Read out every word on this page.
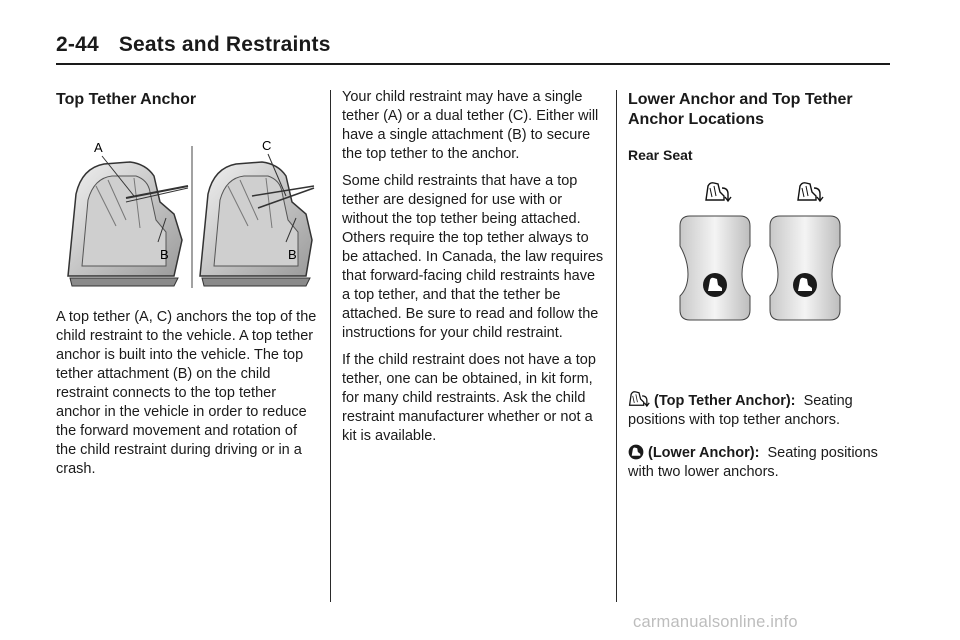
2-44 Seats and Restraints
Top Tether Anchor
A
B
C
B

A top tether (A, C) anchors the top of the child restraint to the vehicle. A top tether anchor is built into the vehicle. The top tether attachment (B) on the child restraint connects to the top tether anchor in the vehicle in order to reduce the forward movement and rotation of the child restraint during driving or in a crash.

Your child restraint may have a single tether (A) or a dual tether (C). Either will have a single attachment (B) to secure the top tether to the anchor.

Some child restraints that have a top tether are designed for use with or without the top tether being attached. Others require the top tether always to be attached. In Canada, the law requires that forward-facing child restraints have a top tether, and that the tether be attached. Be sure to read and follow the instructions for your child restraint.

If the child restraint does not have a top tether, one can be obtained, in kit form, for many child restraints. Ask the child restraint manufacturer whether or not a kit is available.

Lower Anchor and Top Tether Anchor Locations
Rear Seat

(Top Tether Anchor): Seating positions with top tether anchors.

(Lower Anchor): Seating positions with two lower anchors.

carmanualsonline.info
